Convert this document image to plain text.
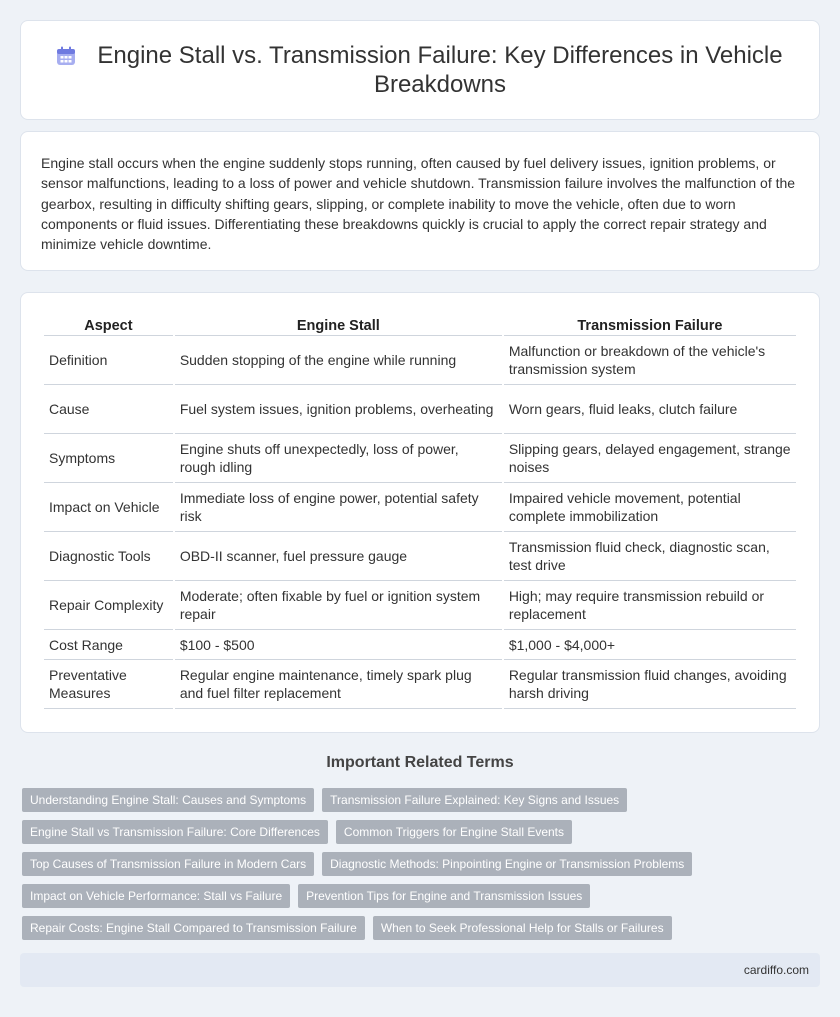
Engine Stall vs. Transmission Failure: Key Differences in Vehicle Breakdowns

Engine stall occurs when the engine suddenly stops running, often caused by fuel delivery issues, ignition problems, or sensor malfunctions, leading to a loss of power and vehicle shutdown. Transmission failure involves the malfunction of the gearbox, resulting in difficulty shifting gears, slipping, or complete inability to move the vehicle, often due to worn components or fluid issues. Differentiating these breakdowns quickly is crucial to apply the correct repair strategy and minimize vehicle downtime.

Aspect	Engine Stall	Transmission Failure
Definition	Sudden stopping of the engine while running	Malfunction or breakdown of the vehicle's transmission system
Cause	Fuel system issues, ignition problems, overheating	Worn gears, fluid leaks, clutch failure
Symptoms	Engine shuts off unexpectedly, loss of power, rough idling	Slipping gears, delayed engagement, strange noises
Impact on Vehicle	Immediate loss of engine power, potential safety risk	Impaired vehicle movement, potential complete immobilization
Diagnostic Tools	OBD-II scanner, fuel pressure gauge	Transmission fluid check, diagnostic scan, test drive
Repair Complexity	Moderate; often fixable by fuel or ignition system repair	High; may require transmission rebuild or replacement
Cost Range	$100 - $500	$1,000 - $4,000+
Preventative Measures	Regular engine maintenance, timely spark plug and fuel filter replacement	Regular transmission fluid changes, avoiding harsh driving
Important Related Terms
Understanding Engine Stall: Causes and Symptoms	Transmission Failure Explained: Key Signs and Issues
Engine Stall vs Transmission Failure: Core Differences	Common Triggers for Engine Stall Events
Top Causes of Transmission Failure in Modern Cars	Diagnostic Methods: Pinpointing Engine or Transmission Problems
Impact on Vehicle Performance: Stall vs Failure	Prevention Tips for Engine and Transmission Issues
Repair Costs: Engine Stall Compared to Transmission Failure	When to Seek Professional Help for Stalls or Failures
cardiffo.com
